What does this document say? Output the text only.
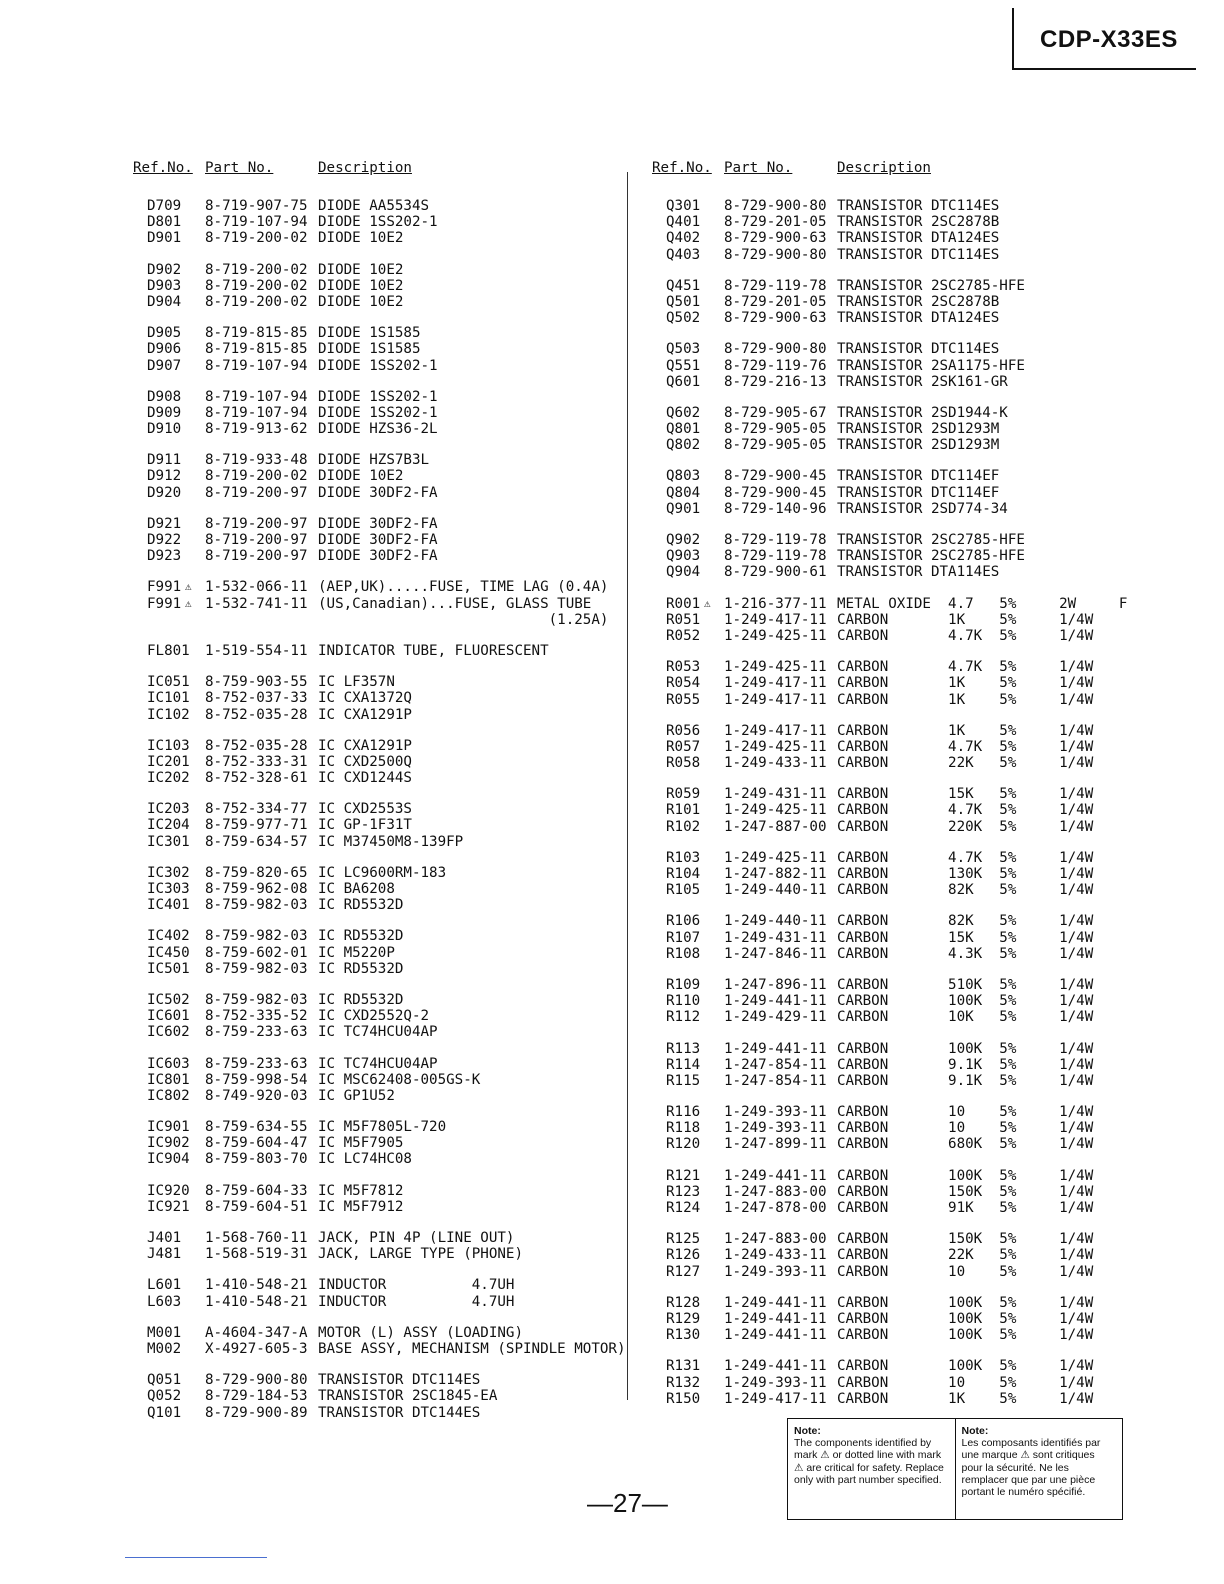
CDP-X33ES
Ref.No. Part No.	Description
D709 8-719-907-75 DIODE AA5534S
D801 8-719-107-94 DIODE 1SS202-1
D901 8-719-200-02 DIODE 10E2
D902 8-719-200-02 DIODE 10E2
D903 8-719-200-02 DIODE 10E2
D904 8-719-200-02 DIODE 10E2
D905 8-719-815-85 DIODE 1S1585
D906 8-719-815-85 DIODE 1S1585
D907 8-719-107-94 DIODE 1SS202-1
D908 8-719-107-94 DIODE 1SS202-1
D909 8-719-107-94 DIODE 1SS202-1
D910 8-719-913-62 DIODE HZS36-2L
D911 8-719-933-48 DIODE HZS7B3L
D912 8-719-200-02 DIODE 10E2
D920 8-719-200-97 DIODE 30DF2-FA
D921 8-719-200-97 DIODE 30DF2-FA
D922 8-719-200-97 DIODE 30DF2-FA
D923 8-719-200-97 DIODE 30DF2-FA
F991 ⚠ 1-532-066-11 (AEP,UK).....FUSE, TIME LAG (0.4A)
F991 ⚠ 1-532-741-11 (US,Canadian)...FUSE, GLASS TUBE
(1.25A)
FL801 1-519-554-11 INDICATOR TUBE, FLUORESCENT
IC051 8-759-903-55 IC LF357N
IC101 8-752-037-33 IC CXA1372Q
IC102 8-752-035-28 IC CXA1291P
IC103 8-752-035-28 IC CXA1291P
IC201 8-752-333-31 IC CXD2500Q
IC202 8-752-328-61 IC CXD1244S
IC203 8-752-334-77 IC CXD2553S
IC204 8-759-977-71 IC GP-1F31T
IC301 8-759-634-57 IC M37450M8-139FP
IC302 8-759-820-65 IC LC9600RM-183
IC303 8-759-962-08 IC BA6208
IC401 8-759-982-03 IC RD5532D
IC402 8-759-982-03 IC RD5532D
IC450 8-759-602-01 IC M5220P
IC501 8-759-982-03 IC RD5532D
IC502 8-759-982-03 IC RD5532D
IC601 8-752-335-52 IC CXD2552Q-2
IC602 8-759-233-63 IC TC74HCU04AP
IC603 8-759-233-63 IC TC74HCU04AP
IC801 8-759-998-54 IC MSC62408-005GS-K
IC802 8-749-920-03 IC GP1U52
IC901 8-759-634-55 IC M5F7805L-720
IC902 8-759-604-47 IC M5F7905
IC904 8-759-803-70 IC LC74HC08
IC920 8-759-604-33 IC M5F7812
IC921 8-759-604-51 IC M5F7912
J401 1-568-760-11 JACK, PIN 4P (LINE OUT)
J481 1-568-519-31 JACK, LARGE TYPE (PHONE)
L601 1-410-548-21 INDUCTOR          4.7UH
L603 1-410-548-21 INDUCTOR          4.7UH
M001 A-4604-347-A MOTOR (L) ASSY (LOADING)
M002 X-4927-605-3 BASE ASSY, MECHANISM (SPINDLE MOTOR)
Q051 8-729-900-80 TRANSISTOR DTC114ES
Q052 8-729-184-53 TRANSISTOR 2SC1845-EA
Q101 8-729-900-89 TRANSISTOR DTC144ES
Ref.No. Part No.	Description
Q301 8-729-900-80 TRANSISTOR DTC114ES
Q401 8-729-201-05 TRANSISTOR 2SC2878B
Q402 8-729-900-63 TRANSISTOR DTA124ES
Q403 8-729-900-80 TRANSISTOR DTC114ES
Q451 8-729-119-78 TRANSISTOR 2SC2785-HFE
Q501 8-729-201-05 TRANSISTOR 2SC2878B
Q502 8-729-900-63 TRANSISTOR DTA124ES
Q503 8-729-900-80 TRANSISTOR DTC114ES
Q551 8-729-119-76 TRANSISTOR 2SA1175-HFE
Q601 8-729-216-13 TRANSISTOR 2SK161-GR
Q602 8-729-905-67 TRANSISTOR 2SD1944-K
Q801 8-729-905-05 TRANSISTOR 2SD1293M
Q802 8-729-905-05 TRANSISTOR 2SD1293M
Q803 8-729-900-45 TRANSISTOR DTC114EF
Q804 8-729-900-45 TRANSISTOR DTC114EF
Q901 8-729-140-96 TRANSISTOR 2SD774-34
Q902 8-729-119-78 TRANSISTOR 2SC2785-HFE
Q903 8-729-119-78 TRANSISTOR 2SC2785-HFE
Q904 8-729-900-61 TRANSISTOR DTA114ES
R001 ⚠ 1-216-377-11 METAL OXIDE  4.7   5%     2W     F
R051 1-249-417-11 CARBON       1K    5%     1/4W
R052 1-249-425-11 CARBON       4.7K  5%     1/4W
R053 1-249-425-11 CARBON       4.7K  5%     1/4W
R054 1-249-417-11 CARBON       1K    5%     1/4W
R055 1-249-417-11 CARBON       1K    5%     1/4W
R056 1-249-417-11 CARBON       1K    5%     1/4W
R057 1-249-425-11 CARBON       4.7K  5%     1/4W
R058 1-249-433-11 CARBON       22K   5%     1/4W
R059 1-249-431-11 CARBON       15K   5%     1/4W
R101 1-249-425-11 CARBON       4.7K  5%     1/4W
R102 1-247-887-00 CARBON       220K  5%     1/4W
R103 1-249-425-11 CARBON       4.7K  5%     1/4W
R104 1-247-882-11 CARBON       130K  5%     1/4W
R105 1-249-440-11 CARBON       82K   5%     1/4W
R106 1-249-440-11 CARBON       82K   5%     1/4W
R107 1-249-431-11 CARBON       15K   5%     1/4W
R108 1-247-846-11 CARBON       4.3K  5%     1/4W
R109 1-247-896-11 CARBON       510K  5%     1/4W
R110 1-249-441-11 CARBON       100K  5%     1/4W
R112 1-249-429-11 CARBON       10K   5%     1/4W
R113 1-249-441-11 CARBON       100K  5%     1/4W
R114 1-247-854-11 CARBON       9.1K  5%     1/4W
R115 1-247-854-11 CARBON       9.1K  5%     1/4W
R116 1-249-393-11 CARBON       10    5%     1/4W
R118 1-249-393-11 CARBON       10    5%     1/4W
R120 1-247-899-11 CARBON       680K  5%     1/4W
R121 1-249-441-11 CARBON       100K  5%     1/4W
R123 1-247-883-00 CARBON       150K  5%     1/4W
R124 1-247-878-00 CARBON       91K   5%     1/4W
R125 1-247-883-00 CARBON       150K  5%     1/4W
R126 1-249-433-11 CARBON       22K   5%     1/4W
R127 1-249-393-11 CARBON       10    5%     1/4W
R128 1-249-441-11 CARBON       100K  5%     1/4W
R129 1-249-441-11 CARBON       100K  5%     1/4W
R130 1-249-441-11 CARBON       100K  5%     1/4W
R131 1-249-441-11 CARBON       100K  5%     1/4W
R132 1-249-393-11 CARBON       10    5%     1/4W
R150 1-249-417-11 CARBON       1K    5%     1/4W
Note:
The components identified by mark ⚠ or dotted line with mark ⚠ are critical for safety. Replace only with part number specified.
Note:
Les composants identifiés par une marque ⚠ sont critiques pour la sécurité. Ne les remplacer que par une pièce portant le numéro spécifié.
—27—
